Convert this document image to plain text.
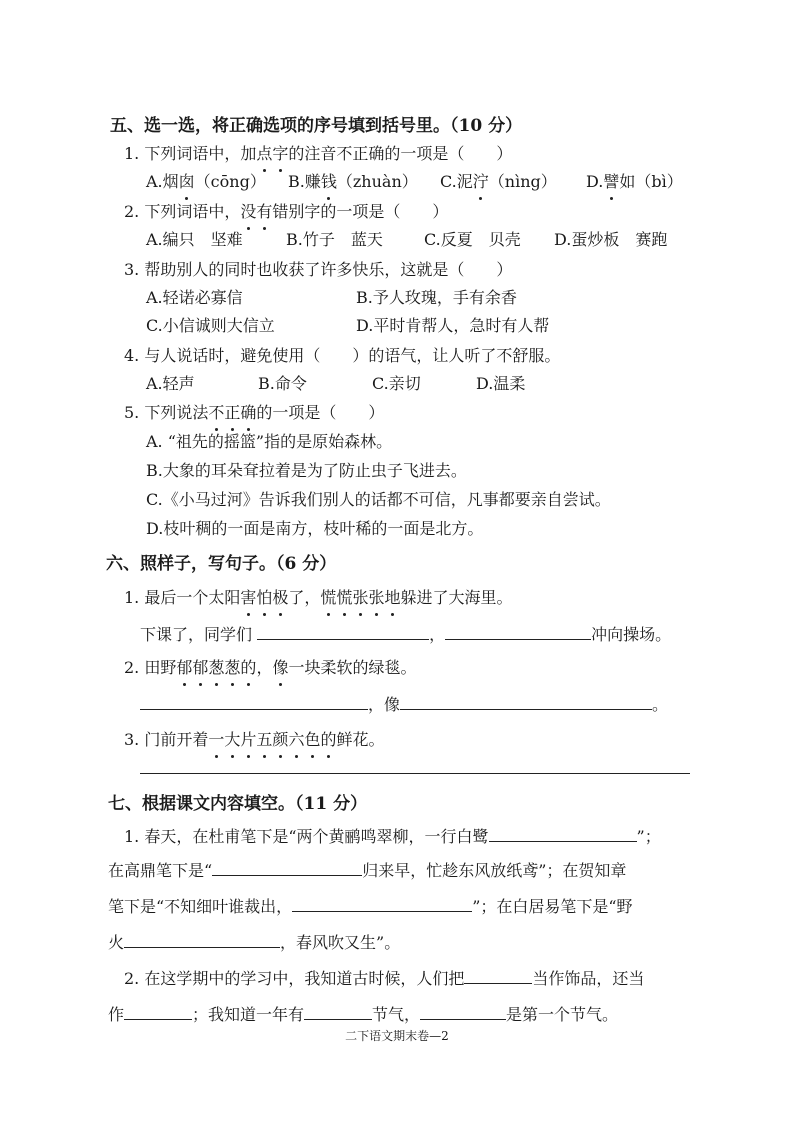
五、选一选，将正确选项的序号填到括号里。（10 分）
1. 下列词语中，加点字的注音不正确的一项是（　　）
A.烟囱（cōng） B.赚钱（zhuàn） C.泥泞（nìng） D.譬如（bì）
2. 下列词语中，没有错别字的一项是（　　）
A.编只　坚难	B.竹子　蓝天	C.反夏　贝壳 D.蛋炒板　赛跑
3. 帮助别人的同时也收获了许多快乐，这就是（　　）
A.轻诺必寡信	B.予人玫瑰，手有余香
C.小信诚则大信立	D.平时肯帮人，急时有人帮
4. 与人说话时，避免使用（　　）的语气，让人听了不舒服。
A.轻声	B.命令	C.亲切	D.温柔
5. 下列说法不正确的一项是（　　）
A. “祖先的摇篮”指的是原始森林。
B.大象的耳朵耷拉着是为了防止虫子飞进去。
C.《小马过河》告诉我们别人的话都不可信，凡事都要亲自尝试。
D.枝叶稠的一面是南方，枝叶稀的一面是北方。
六、照样子，写句子。（6 分）
1. 最后一个太阳害怕极了，慌慌张张地躲进了大海里。
下课了，同学们	，	冲向操场。
2. 田野郁郁葱葱的，像一块柔软的绿毯。
，像	。
3. 门前开着一大片五颜六色的鲜花。
七、根据课文内容填空。（11 分）
1. 春天，在杜甫笔下是“两个黄鹂鸣翠柳，一行白鹭	”；
在高鼎笔下是“	归来早，忙趁东风放纸鸢”；在贺知章
笔下是“不知细叶谁裁出，	”；在白居易笔下是“野
火	，春风吹又生”。
2. 在这学期中的学习中，我知道古时候，人们把	当作饰品，还当
作	；我知道一年有	节气，	是第一个节气。
二下语文期末卷—2
